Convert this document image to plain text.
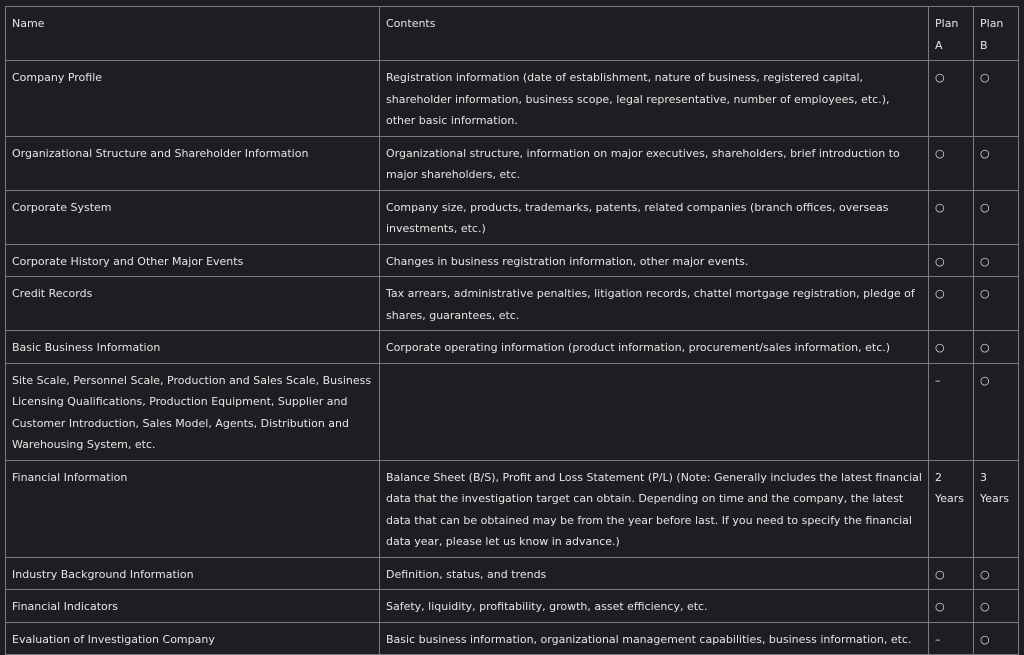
Name	Contents	Plan A	Plan B
Company Profile	Registration information (date of establishment, nature of business, registered capital, shareholder information, business scope, legal representative, number of employees, etc.), other basic information.	○	○
Organizational Structure and Shareholder Information	Organizational structure, information on major executives, shareholders, brief introduction to major shareholders, etc.	○	○
Corporate System	Company size, products, trademarks, patents, related companies (branch offices, overseas investments, etc.)	○	○
Corporate History and Other Major Events	Changes in business registration information, other major events.	○	○
Credit Records	Tax arrears, administrative penalties, litigation records, chattel mortgage registration, pledge of shares, guarantees, etc.	○	○
Basic Business Information	Corporate operating information (product information, procurement/sales information, etc.)	○	○
Site Scale, Personnel Scale, Production and Sales Scale, Business Licensing Qualifications, Production Equipment, Supplier and Customer Introduction, Sales Model, Agents, Distribution and Warehousing System, etc.		–	○
Financial Information	Balance Sheet (B/S), Profit and Loss Statement (P/L) (Note: Generally includes the latest financial data that the investigation target can obtain. Depending on time and the company, the latest data that can be obtained may be from the year before last. If you need to specify the financial data year, please let us know in advance.)	2 Years	3 Years
Industry Background Information	Definition, status, and trends	○	○
Financial Indicators	Safety, liquidity, profitability, growth, asset efficiency, etc.	○	○
Evaluation of Investigation Company	Basic business information, organizational management capabilities, business information, etc.	–	○
